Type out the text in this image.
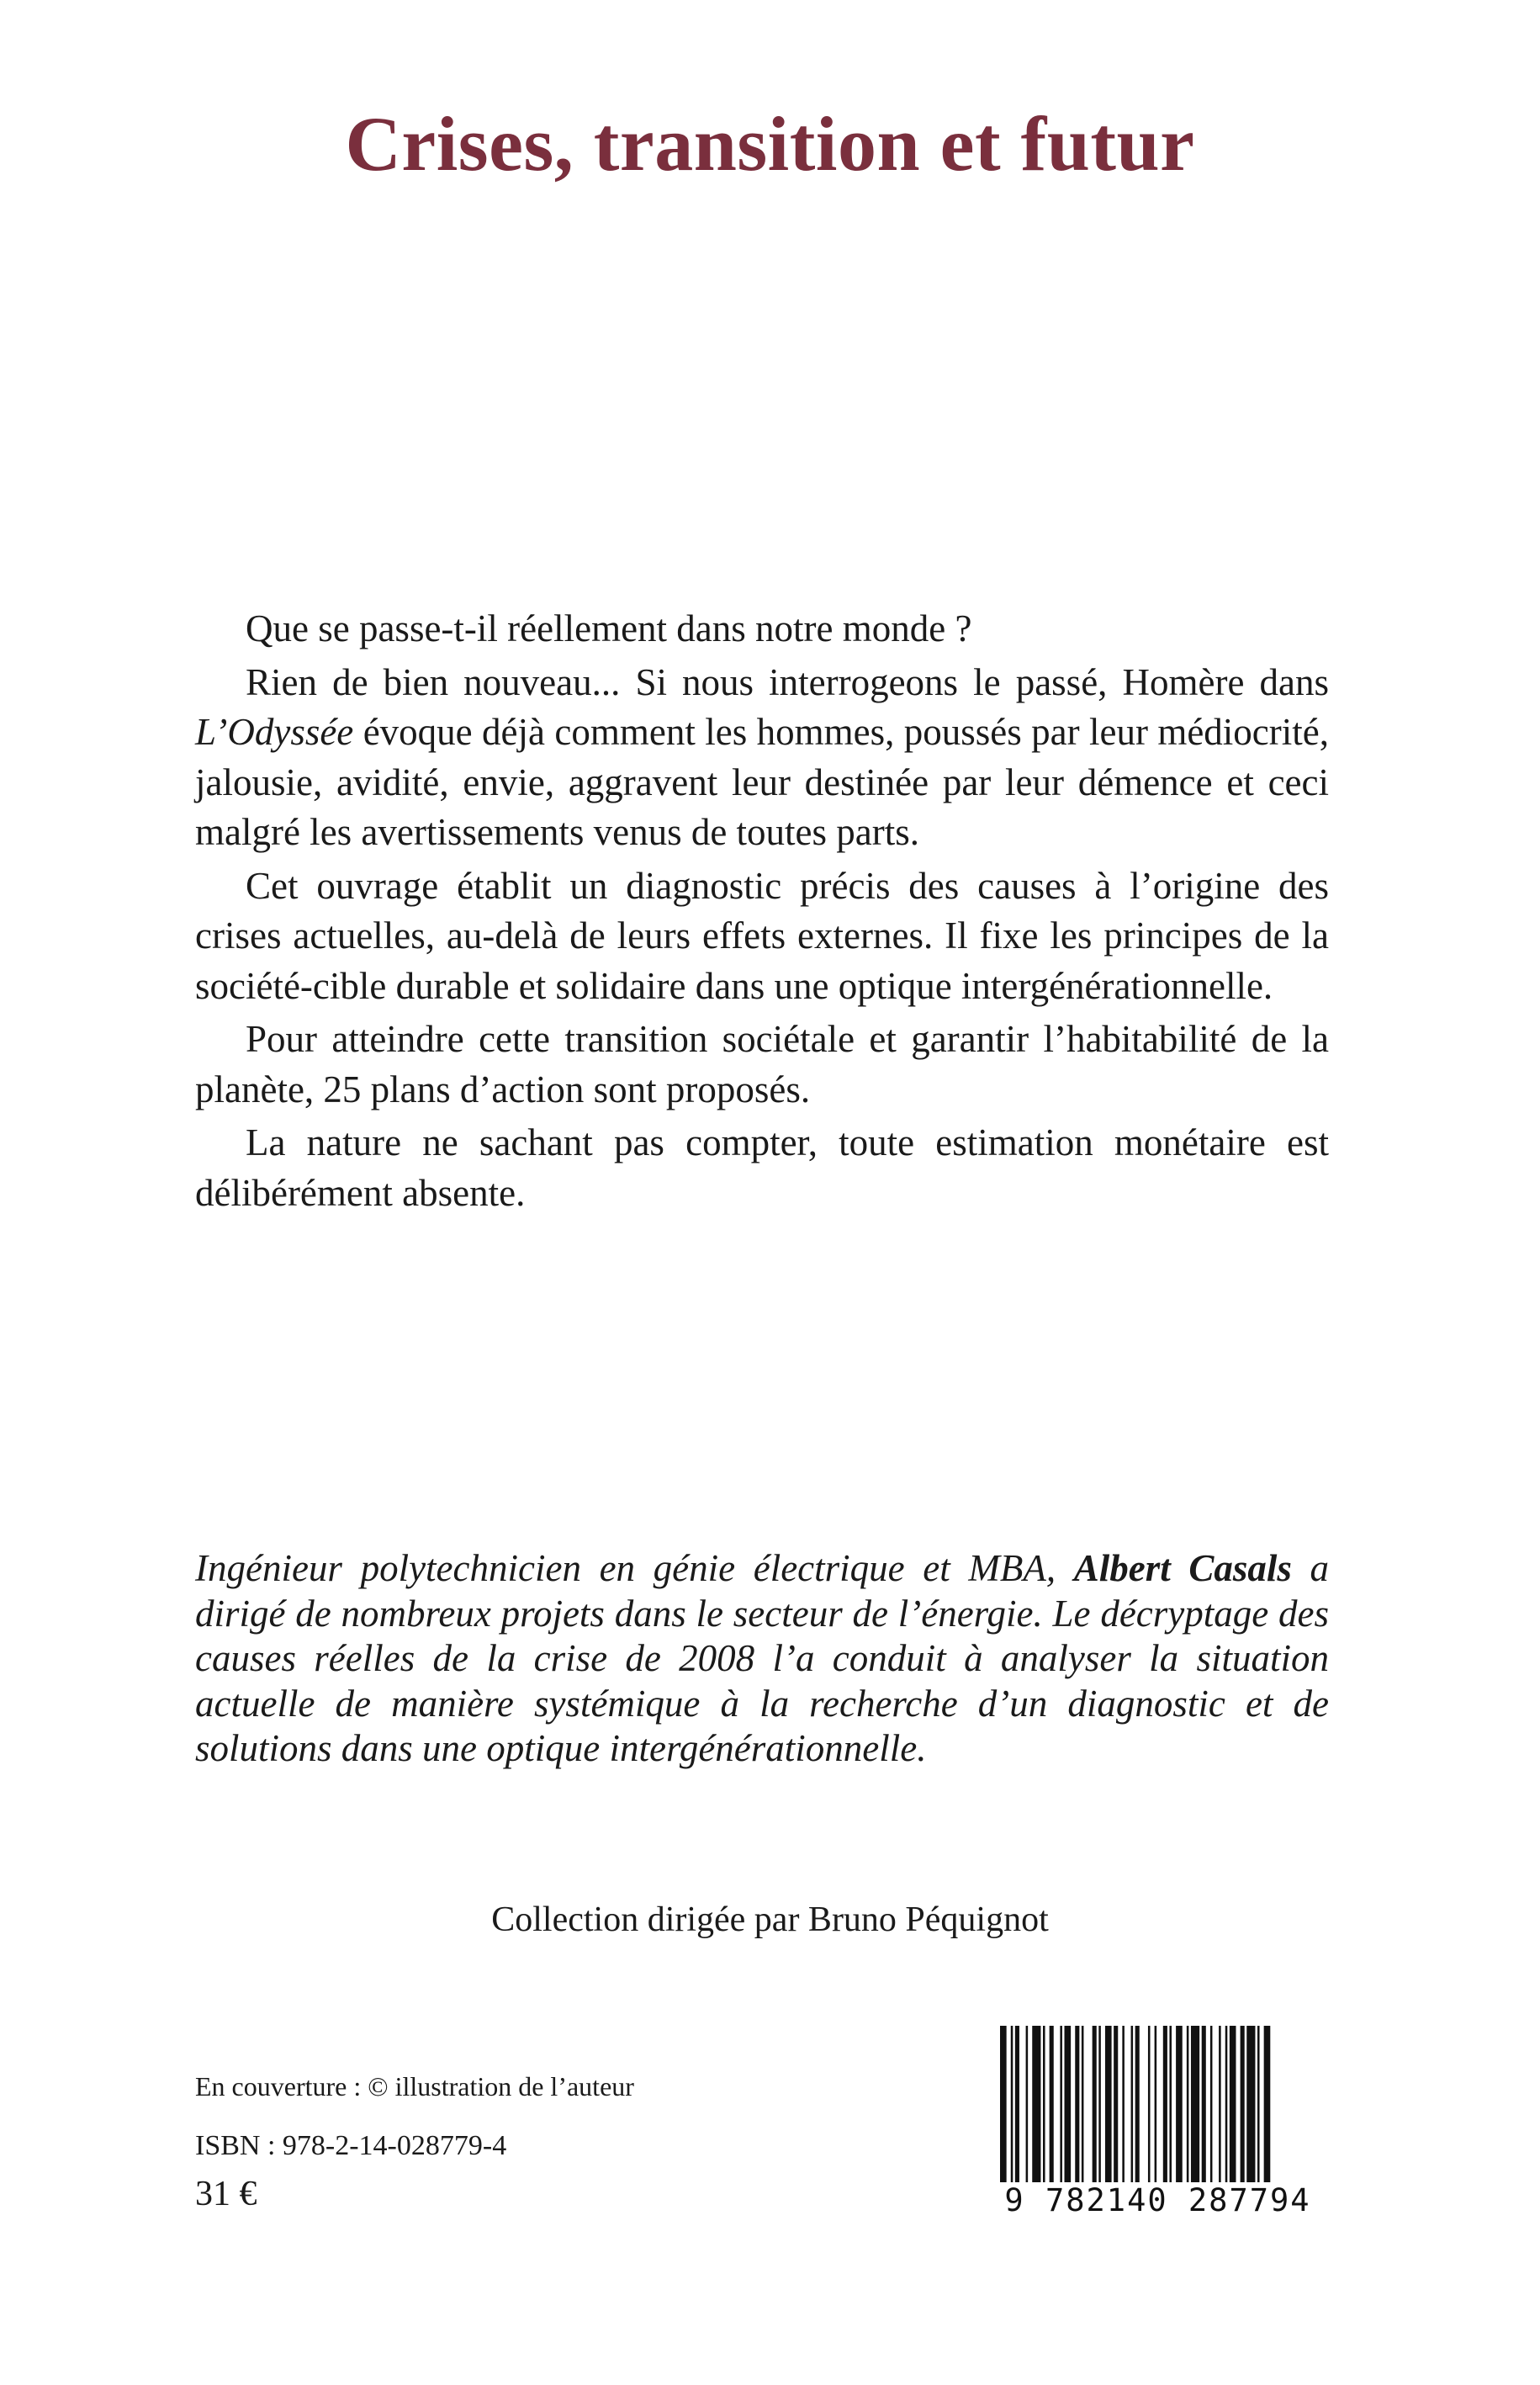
Crises, transition et futur

Que se passe-t-il réellement dans notre monde ?

Rien de bien nouveau... Si nous interrogeons le passé, Homère dans L’Odyssée évoque déjà comment les hommes, poussés par leur médiocrité, jalousie, avidité, envie, aggravent leur destinée par leur démence et ceci malgré les avertissements venus de toutes parts.

Cet ouvrage établit un diagnostic précis des causes à l’origine des crises actuelles, au-delà de leurs effets externes. Il fixe les principes de la société-cible durable et solidaire dans une optique intergénérationnelle.

Pour atteindre cette transition sociétale et garantir l’habitabilité de la planète, 25 plans d’action sont proposés.

La nature ne sachant pas compter, toute estimation monétaire est délibérément absente.

Ingénieur polytechnicien en génie électrique et MBA, Albert Casals a dirigé de nombreux projets dans le secteur de l’énergie. Le décryptage des causes réelles de la crise de 2008 l’a conduit à analyser la situation actuelle de manière systémique à la recherche d’un diagnostic et de solutions dans une optique intergénérationnelle.

Collection dirigée par Bruno Péquignot

En couverture : © illustration de l’auteur

ISBN : 978-2-14-028779-4

31 €	9 782140 287794
